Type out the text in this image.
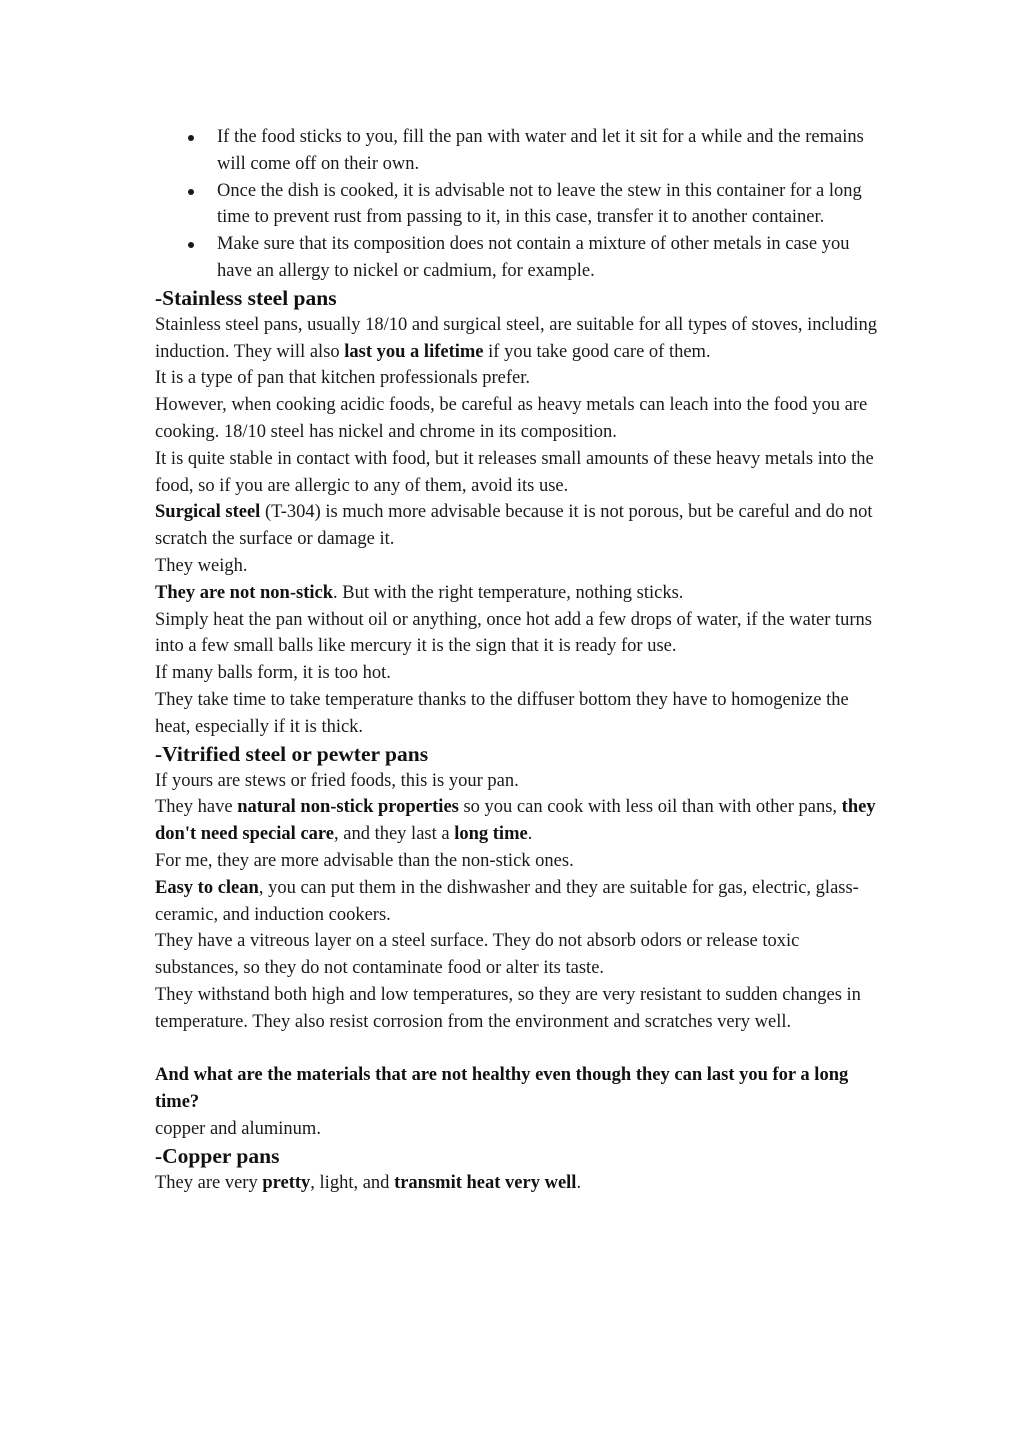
If the food sticks to you, fill the pan with water and let it sit for a while and the remains will come off on their own.
Once the dish is cooked, it is advisable not to leave the stew in this container for a long time to prevent rust from passing to it, in this case, transfer it to another container.
Make sure that its composition does not contain a mixture of other metals in case you have an allergy to nickel or cadmium, for example.
-Stainless steel pans

Stainless steel pans, usually 18/10 and surgical steel, are suitable for all types of stoves, including induction. They will also last you a lifetime if you take good care of them.

It is a type of pan that kitchen professionals prefer.

However, when cooking acidic foods, be careful as heavy metals can leach into the food you are cooking. 18/10 steel has nickel and chrome in its composition.

It is quite stable in contact with food, but it releases small amounts of these heavy metals into the food, so if you are allergic to any of them, avoid its use.

Surgical steel (T-304) is much more advisable because it is not porous, but be careful and do not scratch the surface or damage it.

They weigh.

They are not non-stick. But with the right temperature, nothing sticks.

Simply heat the pan without oil or anything, once hot add a few drops of water, if the water turns into a few small balls like mercury it is the sign that it is ready for use.

If many balls form, it is too hot.

They take time to take temperature thanks to the diffuser bottom they have to homogenize the heat, especially if it is thick.

-Vitrified steel or pewter pans

If yours are stews or fried foods, this is your pan.

They have natural non-stick properties so you can cook with less oil than with other pans, they don't need special care, and they last a long time.

For me, they are more advisable than the non-stick ones.

Easy to clean, you can put them in the dishwasher and they are suitable for gas, electric, glass-ceramic, and induction cookers.

They have a vitreous layer on a steel surface. They do not absorb odors or release toxic substances, so they do not contaminate food or alter its taste.

They withstand both high and low temperatures, so they are very resistant to sudden changes in temperature. They also resist corrosion from the environment and scratches very well.

And what are the materials that are not healthy even though they can last you for a long time?

copper and aluminum.

-Copper pans

They are very pretty, light, and transmit heat very well.
